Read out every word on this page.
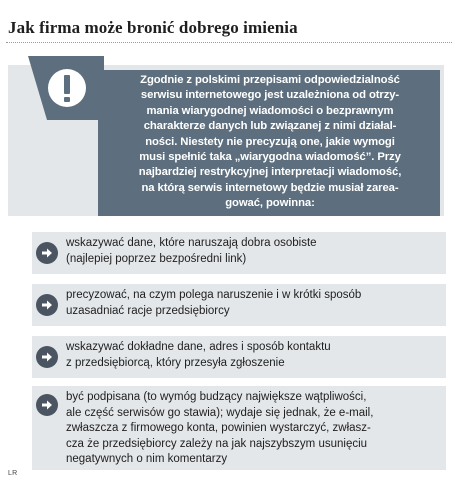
Jak firma może bronić dobrego imienia
Zgodnie z polskimi przepisami odpowiedzialność
serwisu internetowego jest uzależniona od otrzy-
mania wiarygodnej wiadomości o bezprawnym
charakterze danych lub związanej z nimi działal-
ności. Niestety nie precyzują one, jakie wymogi
musi spełnić taka „wiarygodna wiadomość”. Przy
najbardziej restrykcyjnej interpretacji wiadomość,
na którą serwis internetowy będzie musiał zarea-
gować, powinna:
wskazywać dane, które naruszają dobra osobiste
(najlepiej poprzez bezpośredni link)
precyzować, na czym polega naruszenie i w krótki sposób
uzasadniać racje przedsiębiorcy
wskazywać dokładne dane, adres i sposób kontaktu
z przedsiębiorcą, który przesyła zgłoszenie
być podpisana (to wymóg budzący największe wątpliwości,
ale część serwisów go stawia); wydaje się jednak, że e-mail,
zwłaszcza z firmowego konta, powinien wystarczyć, zwłasz-
cza że przedsiębiorcy zależy na jak najszybszym usunięciu
negatywnych o nim komentarzy
LR
